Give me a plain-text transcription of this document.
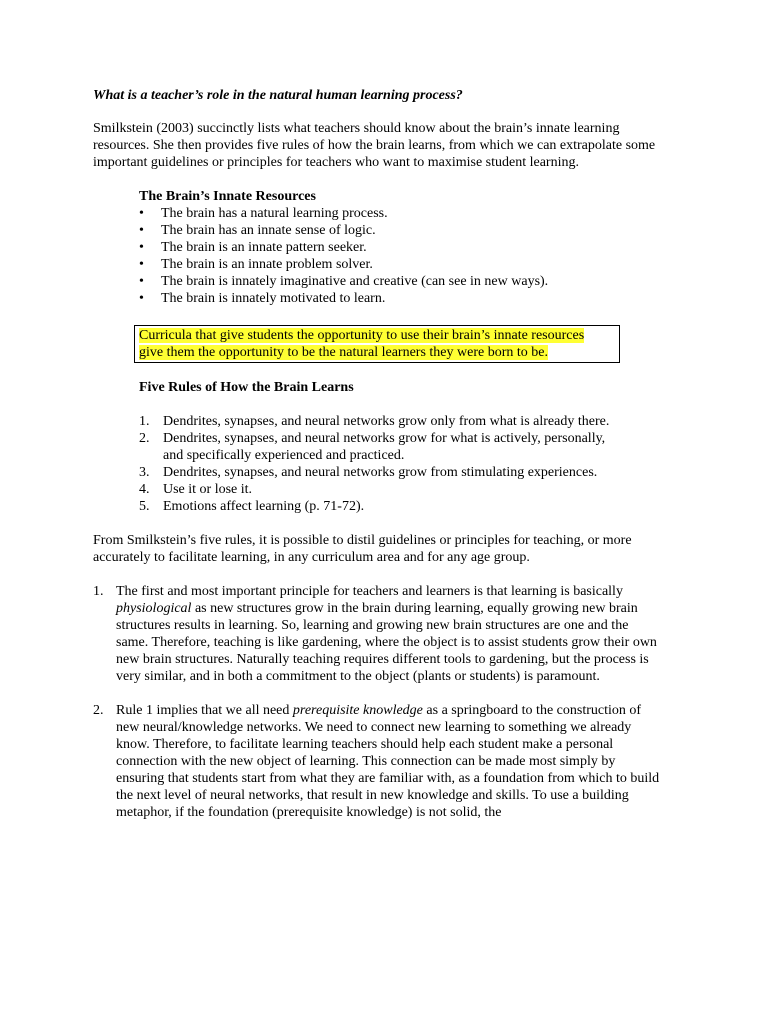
What is a teacher’s role in the natural human learning process?

Smilkstein (2003) succinctly lists what teachers should know about the brain’s innate learning resources. She then provides five rules of how the brain learns, from which we can extrapolate some important guidelines or principles for teachers who want to maximise student learning.

The Brain’s Innate Resources

• The brain has a natural learning process.
• The brain has an innate sense of logic.
• The brain is an innate pattern seeker.
• The brain is an innate problem solver.
• The brain is innately imaginative and creative (can see in new ways).
• The brain is innately motivated to learn.
Curricula that give students the opportunity to use their brain’s innate resources give them the opportunity to be the natural learners they were born to be.

Five Rules of How the Brain Learns

1. Dendrites, synapses, and neural networks grow only from what is already there.
2. Dendrites, synapses, and neural networks grow for what is actively, personally, and specifically experienced and practiced.
3. Dendrites, synapses, and neural networks grow from stimulating experiences.
4. Use it or lose it.
5. Emotions affect learning (p. 71-72).

From Smilkstein’s five rules, it is possible to distil guidelines or principles for teaching, or more accurately to facilitate learning, in any curriculum area and for any age group.

1. The first and most important principle for teachers and learners is that learning is basically physiological as new structures grow in the brain during learning, equally growing new brain structures results in learning. So, learning and growing new brain structures are one and the same. Therefore, teaching is like gardening, where the object is to assist students grow their own new brain structures. Naturally teaching requires different tools to gardening, but the process is very similar, and in both a commitment to the object (plants or students) is paramount.
2. Rule 1 implies that we all need prerequisite knowledge as a springboard to the construction of new neural/knowledge networks. We need to connect new learning to something we already know. Therefore, to facilitate learning teachers should help each student make a personal connection with the new object of learning. This connection can be made most simply by ensuring that students start from what they are familiar with, as a foundation from which to build the next level of neural networks, that result in new knowledge and skills. To use a building metaphor, if the foundation (prerequisite knowledge) is not solid, the
